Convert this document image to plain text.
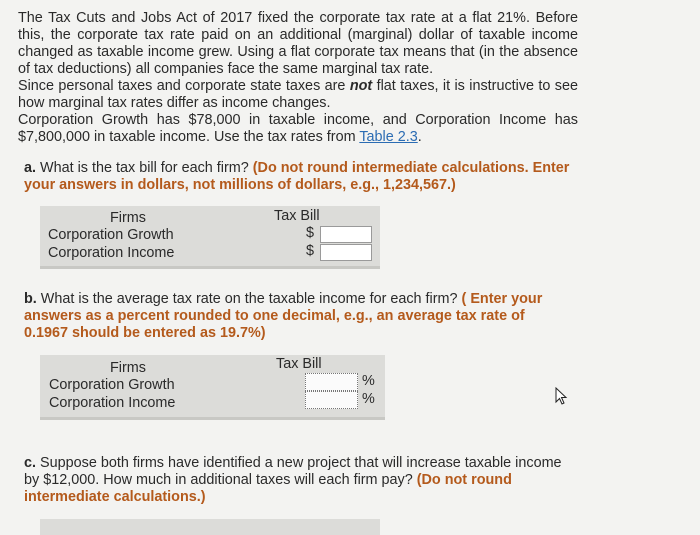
The Tax Cuts and Jobs Act of 2017 fixed the corporate tax rate at a flat 21%. Before this, the corporate tax rate paid on an additional (marginal) dollar of taxable income changed as taxable income grew. Using a flat corporate tax means that (in the absence of tax deductions) all companies face the same marginal tax rate.

Since personal taxes and corporate state taxes are not flat taxes, it is instructive to see how marginal tax rates differ as income changes.

Corporation Growth has $78,000 in taxable income, and Corporation Income has $7,800,000 in taxable income. Use the tax rates from Table 2.3.

a. What is the tax bill for each firm? (Do not round intermediate calculations. Enter your answers in dollars, not millions of dollars, e.g., 1,234,567.)
Firms	Tax Bill
Corporation Growth
Corporation Income
$
$
b. What is the average tax rate on the taxable income for each firm? ( Enter your answers as a percent rounded to one decimal, e.g., an average tax rate of 0.1967 should be entered as 19.7%)
Firms	Tax Bill
Corporation Growth
Corporation Income
%
%
c. Suppose both firms have identified a new project that will increase taxable income by $12,000. How much in additional taxes will each firm pay? (Do not round intermediate calculations.)
